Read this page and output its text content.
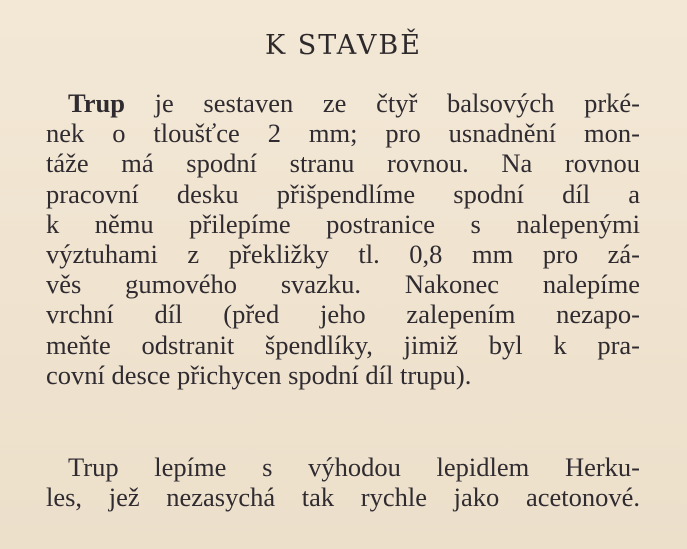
K STAVBĚ
Trup je sestaven ze čtyř balsových prké-
nek o tloušťce 2 mm; pro usnadnění mon-
táže má spodní stranu rovnou. Na rovnou
pracovní desku přišpendlíme spodní díl a
k němu přilepíme postranice s nalepenými
výztuhami z překližky tl. 0,8 mm pro zá-
věs gumového svazku. Nakonec nalepíme
vrchní díl (před jeho zalepením nezapo-
meňte odstranit špendlíky, jimiž byl k pra-
covní desce přichycen spodní díl trupu).
Trup lepíme s výhodou lepidlem Herku-
les, jež nezasychá tak rychle jako acetonové.
